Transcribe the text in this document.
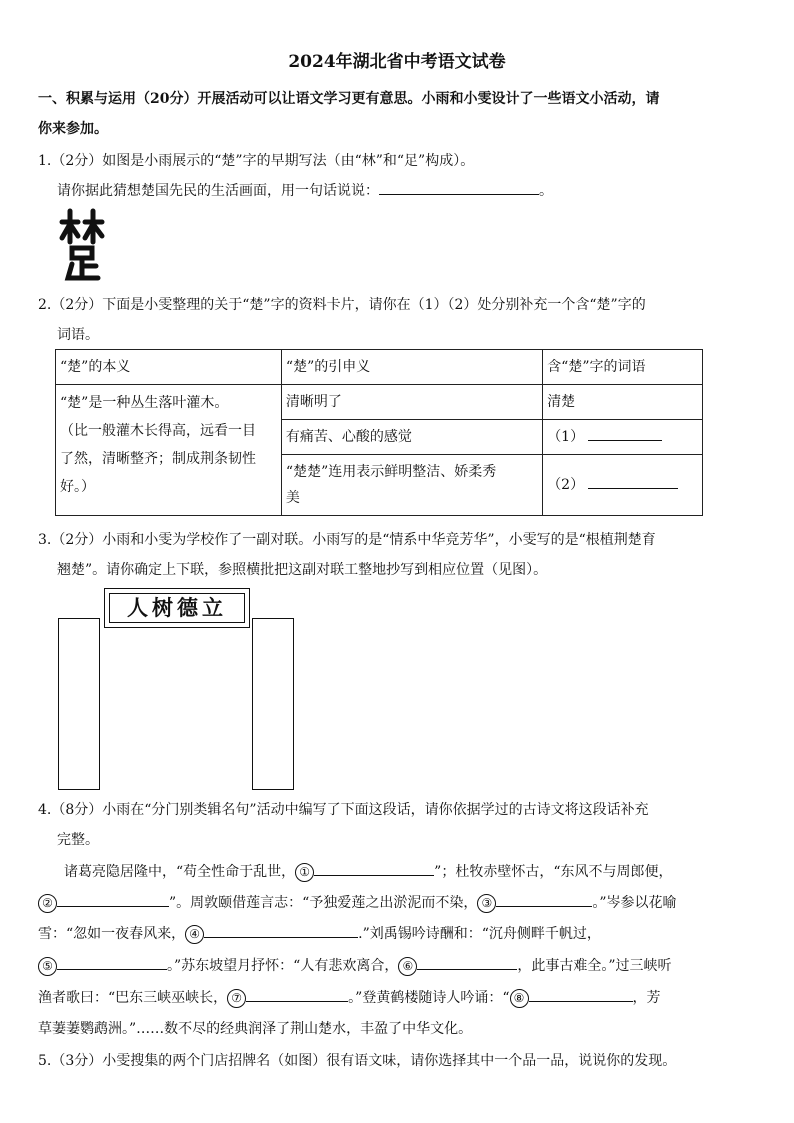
2024年湖北省中考语文试卷
一、积累与运用（20分）开展活动可以让语文学习更有意思。小雨和小雯设计了一些语文小活动，请
你来参加。
1.（2分）如图是小雨展示的“楚”字的早期写法（由“林”和“足”构成）。
请你据此猜想楚国先民的生活画面，用一句话说说：	。
2.（2分）下面是小雯整理的关于“楚”字的资料卡片，请你在（1）（2）处分别补充一个含“楚”字的
词语。
“楚”的本义	“楚”的引申义	含“楚”字的词语

“楚”是一种丛生落叶灌木。
（比一般灌木长得高，远看一目
了然，清晰整齐；制成荆条韧性
好。）	清晰明了	清楚
	有痛苦、心酸的感觉	（1）

	“楚楚”连用表示鲜明整洁、娇柔秀
美	（2）
3.（2分）小雨和小雯为学校作了一副对联。小雨写的是“情系中华竞芳华”，小雯写的是“根植荆楚育
翘楚”。请你确定上下联，参照横批把这副对联工整地抄写到相应位置（见图）。
人树德立
4.（8分）小雨在“分门别类辑名句”活动中编写了下面这段话，请你依据学过的古诗文将这段话补充
完整。
诸葛亮隐居隆中，“苟全性命于乱世， ①	”；杜牧赤壁怀古，“东风不与周郎便，
②	”。周敦颐借莲言志：“予独爱莲之出淤泥而不染， ③	。”岑参以花喻
雪：“忽如一夜春风来， ④	.”刘禹锡吟诗酬和：“沉舟侧畔千帆过，
⑤	。”苏东坡望月抒怀：“人有悲欢离合， ⑥	，此事古难全。”过三峡听
渔者歌曰：“巴东三峡巫峡长， ⑦	。”登黄鹤楼随诗人吟诵：“ ⑧	，芳
草萋萋鹦鹉洲。”……数不尽的经典润泽了荆山楚水，丰盈了中华文化。
5.（3分）小雯搜集的两个门店招牌名（如图）很有语文味，请你选择其中一个品一品，说说你的发现。
